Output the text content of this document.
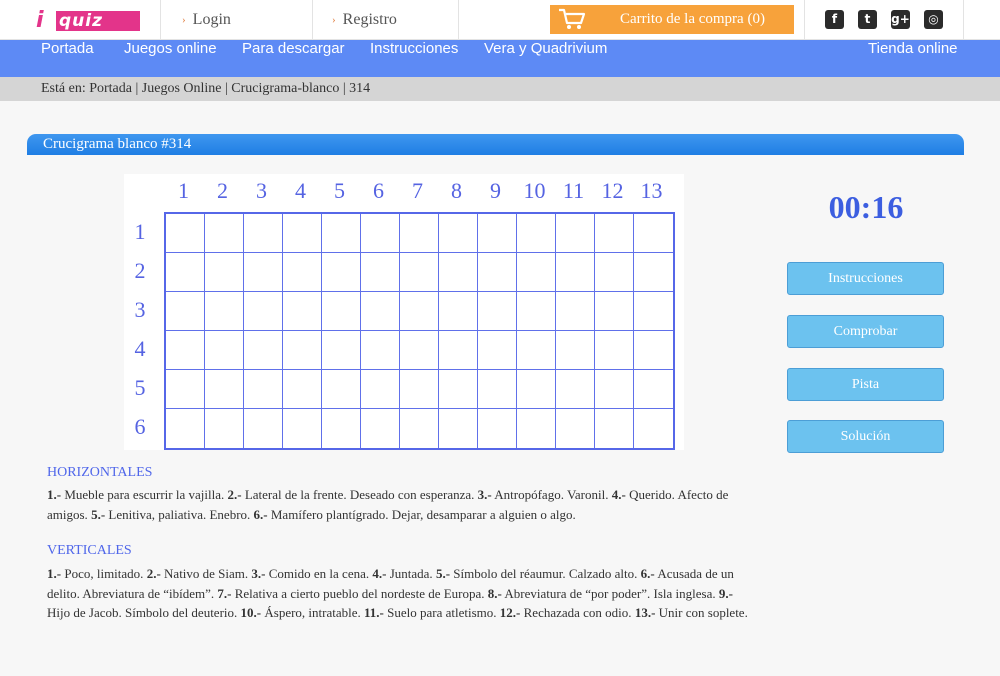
i quiz	› Login	› Registro	Carrito de la compra (0)	f	t	g+	◎
Portada Juegos online Para descargar Instrucciones Vera y Quadrivium	Tienda online
Está en: Portada | Juegos Online | Crucigrama-blanco | 314
Crucigrama blanco #314
1	2	3	4	5	6	7	8	9	10 11 12 13
1
2
3
4
5
6
00:16
Instrucciones
Comprobar
Pista
Solución
HORIZONTALES
1.- Mueble para escurrir la vajilla. 2.- Lateral de la frente. Deseado con esperanza. 3.- Antropófago. Varonil. 4.- Querido. Afecto de amigos. 5.- Lenitiva, paliativa. Enebro. 6.- Mamífero plantígrado. Dejar, desamparar a alguien o algo.
VERTICALES
1.- Poco, limitado. 2.- Nativo de Siam. 3.- Comido en la cena. 4.- Juntada. 5.- Símbolo del réaumur. Calzado alto. 6.- Acusada de un delito. Abreviatura de “ibídem”. 7.- Relativa a cierto pueblo del nordeste de Europa. 8.- Abreviatura de “por poder”. Isla inglesa. 9.- Hijo de Jacob. Símbolo del deuterio. 10.- Áspero, intratable. 11.- Suelo para atletismo. 12.- Rechazada con odio. 13.- Unir con soplete.
